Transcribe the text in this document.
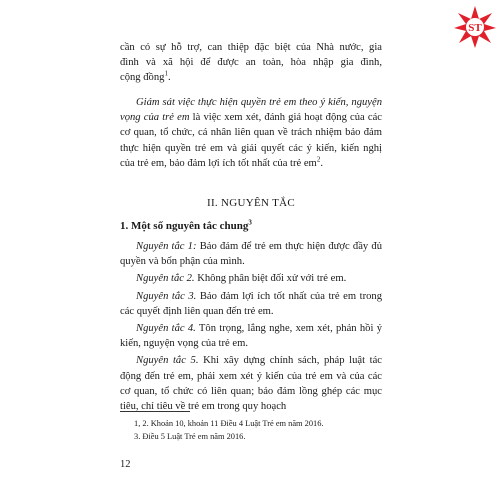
ST
cần có sự hỗ trợ, can thiệp đặc biệt của Nhà nước, gia
đình và xã hội để được an toàn, hòa nhập gia đình,
cộng đồng$^1$.

Giám sát việc thực hiện quyền trẻ em theo ý kiến, nguyện vọng của trẻ em là việc xem xét, đánh giá hoạt động của các cơ quan, tổ chức, cá nhân liên quan về trách nhiệm bảo đảm thực hiện quyền trẻ em và giải quyết các ý kiến, kiến nghị của trẻ em, bảo đảm lợi ích tốt nhất của trẻ $em^2$.

II. NGUYÊN TẮC
1. Một số nguyên tắc chung$^3$

Nguyên tắc 1: Bảo đảm để trẻ em thực hiện được đầy đủ quyền và bổn phận của mình.

Nguyên tắc 2. Không phân biệt đối xử với trẻ em.

Nguyên tắc 3. Bảo đảm lợi ích tốt nhất của trẻ em trong các quyết định liên quan đến trẻ em.

Nguyên tắc 4. Tôn trọng, lắng nghe, xem xét, phản hồi ý kiến, nguyện vọng của trẻ em.

Nguyên tắc 5. Khi xây dựng chính sách, pháp luật tác động đến trẻ em, phải xem xét ý kiến của trẻ em và của các cơ quan, tổ chức có liên quan; bảo đảm lồng ghép các mục tiêu, chỉ tiêu về trẻ em trong quy hoạch

1, 2. Khoản 10, khoản 11 Điều 4 Luật Trẻ em năm 2016.
3. Điều 5 Luật Trẻ em năm 2016.
12
